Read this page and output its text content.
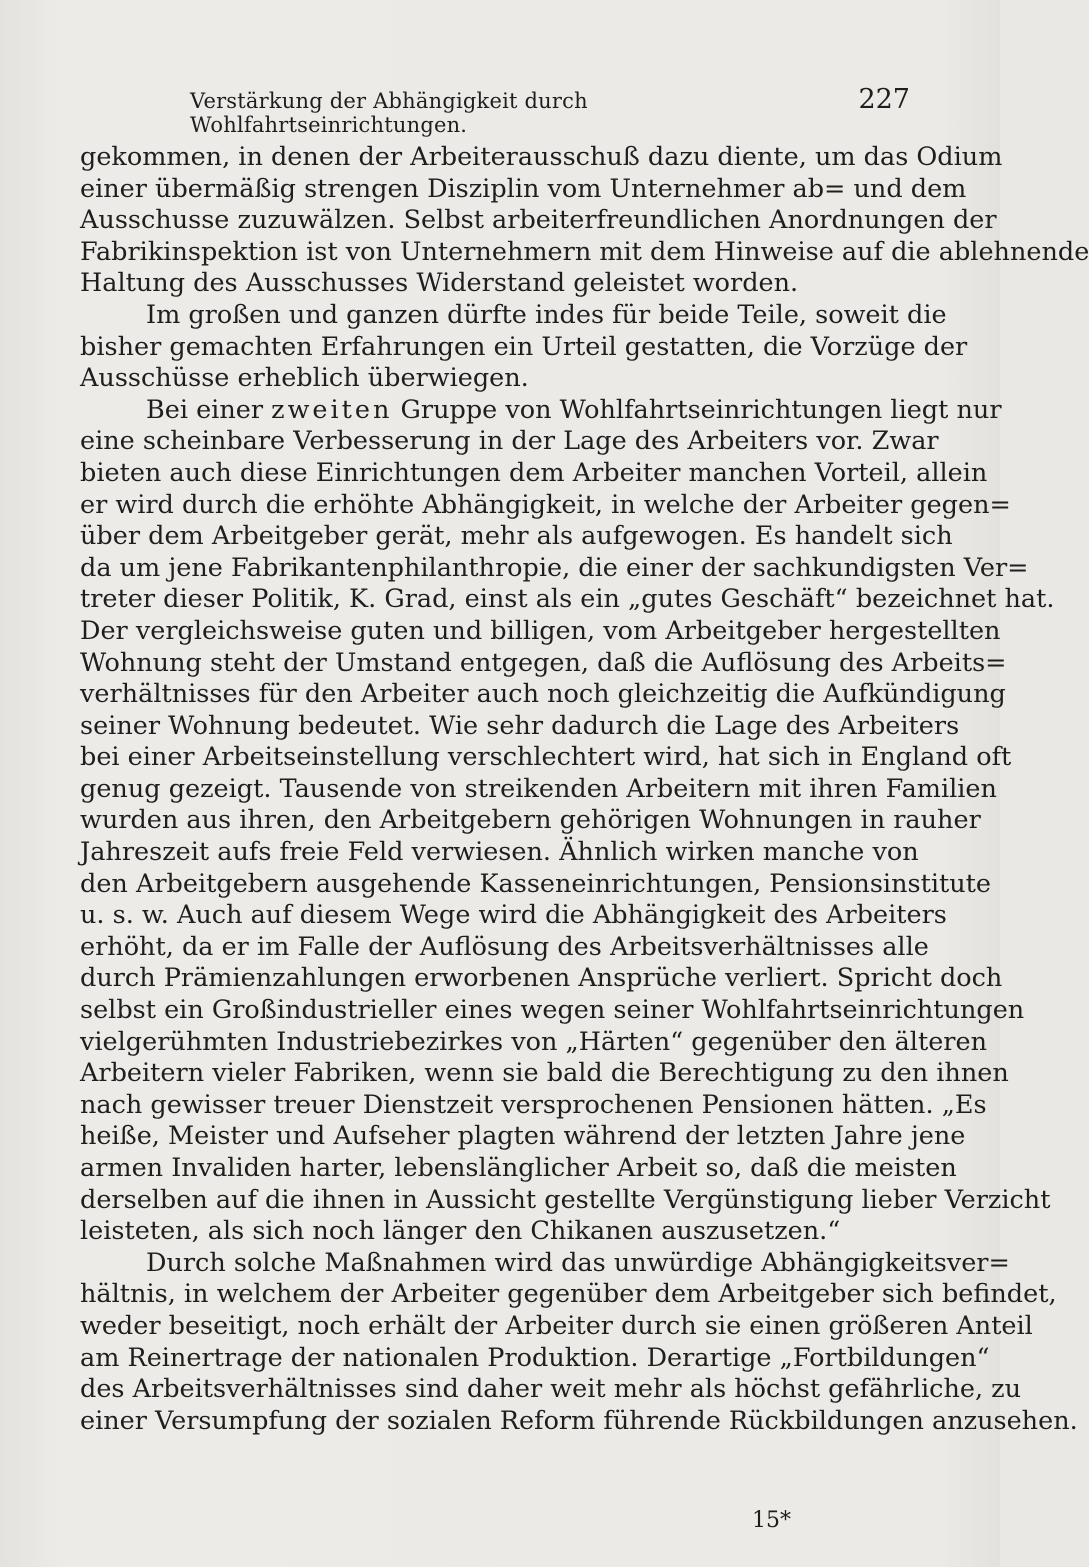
Verstärkung der Abhängigkeit durch Wohlfahrtseinrichtungen.
227
gekommen, in denen der Arbeiterausschuß dazu diente, um das Odium
einer übermäßig strengen Disziplin vom Unternehmer ab= und dem
Ausschusse zuzuwälzen. Selbst arbeiterfreundlichen Anordnungen der
Fabrikinspektion ist von Unternehmern mit dem Hinweise auf die ablehnende
Haltung des Ausschusses Widerstand geleistet worden.
Im großen und ganzen dürfte indes für beide Teile, soweit die
bisher gemachten Erfahrungen ein Urteil gestatten, die Vorzüge der
Ausschüsse erheblich überwiegen.
Bei einer zweiten Gruppe von Wohlfahrtseinrichtungen liegt nur
eine scheinbare Verbesserung in der Lage des Arbeiters vor. Zwar
bieten auch diese Einrichtungen dem Arbeiter manchen Vorteil, allein
er wird durch die erhöhte Abhängigkeit, in welche der Arbeiter gegen=
über dem Arbeitgeber gerät, mehr als aufgewogen. Es handelt sich
da um jene Fabrikantenphilanthropie, die einer der sachkundigsten Ver=
treter dieser Politik, K. Grad, einst als ein „gutes Geschäft“ bezeichnet hat.
Der vergleichsweise guten und billigen, vom Arbeitgeber hergestellten
Wohnung steht der Umstand entgegen, daß die Auflösung des Arbeits=
verhältnisses für den Arbeiter auch noch gleichzeitig die Aufkündigung
seiner Wohnung bedeutet. Wie sehr dadurch die Lage des Arbeiters
bei einer Arbeitseinstellung verschlechtert wird, hat sich in England oft
genug gezeigt. Tausende von streikenden Arbeitern mit ihren Familien
wurden aus ihren, den Arbeitgebern gehörigen Wohnungen in rauher
Jahreszeit aufs freie Feld verwiesen. Ähnlich wirken manche von
den Arbeitgebern ausgehende Kasseneinrichtungen, Pensionsinstitute
u. s. w. Auch auf diesem Wege wird die Abhängigkeit des Arbeiters
erhöht, da er im Falle der Auflösung des Arbeitsverhältnisses alle
durch Prämienzahlungen erworbenen Ansprüche verliert. Spricht doch
selbst ein Großindustrieller eines wegen seiner Wohlfahrtseinrichtungen
vielgerühmten Industriebezirkes von „Härten“ gegenüber den älteren
Arbeitern vieler Fabriken, wenn sie bald die Berechtigung zu den ihnen
nach gewisser treuer Dienstzeit versprochenen Pensionen hätten. „Es
heiße, Meister und Aufseher plagten während der letzten Jahre jene
armen Invaliden harter, lebenslänglicher Arbeit so, daß die meisten
derselben auf die ihnen in Aussicht gestellte Vergünstigung lieber Verzicht
leisteten, als sich noch länger den Chikanen auszusetzen.“
Durch solche Maßnahmen wird das unwürdige Abhängigkeitsver=
hältnis, in welchem der Arbeiter gegenüber dem Arbeitgeber sich befindet,
weder beseitigt, noch erhält der Arbeiter durch sie einen größeren Anteil
am Reinertrage der nationalen Produktion. Derartige „Fortbildungen“
des Arbeitsverhältnisses sind daher weit mehr als höchst gefährliche, zu
einer Versumpfung der sozialen Reform führende Rückbildungen anzusehen.
15*
